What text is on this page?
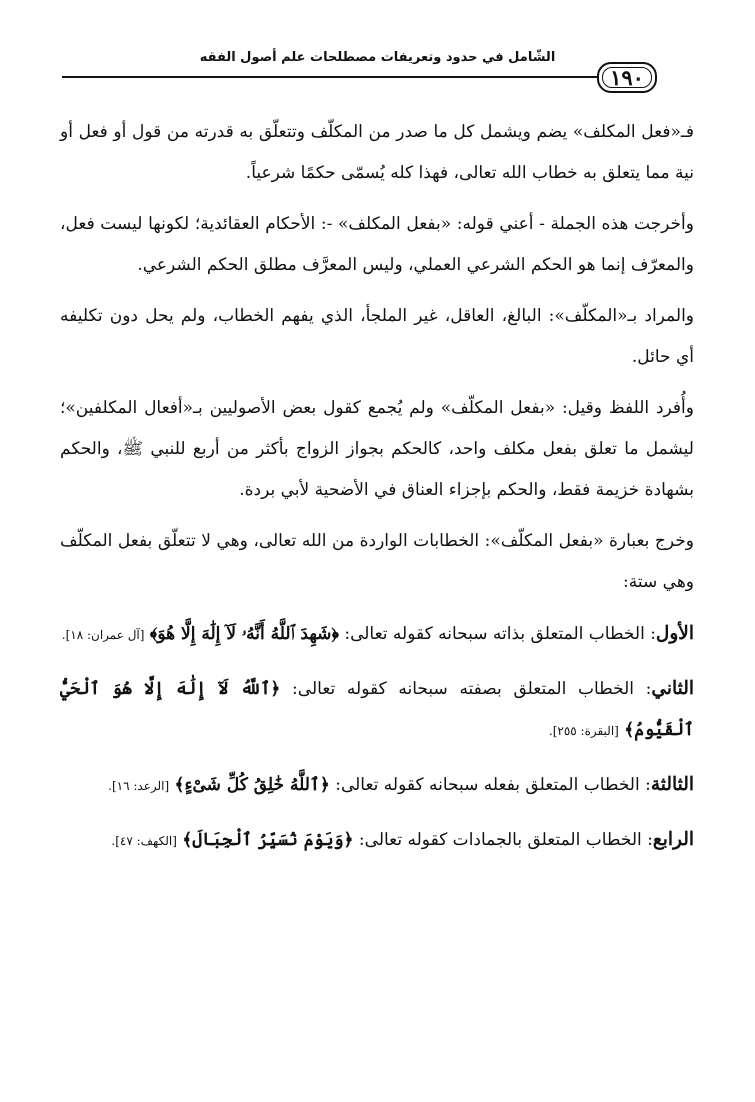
الشّامل في حدود وتعريفات مصطلحات علم أصول الفقه
١٩٠

فـ«فعل المكلف» يضم ويشمل كل ما صدر من المكلّف وتتعلّق به قدرته من قول أو فعل أو نية مما يتعلق به خطاب الله تعالى، فهذا كله يُسمّى حكمًا شرعياً.

وأخرجت هذه الجملة - أعني قوله: «بفعل المكلف» -: الأحكام العقائدية؛ لكونها ليست فعل، والمعرّف إنما هو الحكم الشرعي العملي، وليس المعرَّف مطلق الحكم الشرعي.

والمراد بـ«المكلّف»: البالغ، العاقل، غير الملجأ، الذي يفهم الخطاب، ولم يحل دون تكليفه أي حائل.

وأُفرد اللفظ وقيل: «بفعل المكلّف» ولم يُجمع كقول بعض الأصوليين بـ«أفعال المكلفين»؛ ليشمل ما تعلق بفعل مكلف واحد، كالحكم بجواز الزواج بأكثر من أربع للنبي ﷺ، والحكم بشهادة خزيمة فقط، والحكم بإجزاء العناق في الأضحية لأبي بردة.

وخرج بعبارة «بفعل المكلّف»: الخطابات الواردة من الله تعالى، وهي لا تتعلّق بفعل المكلّف وهي ستة:

الأول: الخطاب المتعلق بذاته سبحانه كقوله تعالى: ﴿شَهِدَ ٱللَّهُ أَنَّهُۥ لَآ إِلَٰهَ إِلَّا هُوَ﴾ [آل عمران: ١٨].

الثاني: الخطاب المتعلق بصفته سبحانه كقوله تعالى: ﴿ٱللَّهُ لَآ إِلَٰهَ إِلَّا هُوَ ٱلْحَيُّ ٱلْقَيُّومُ﴾ [البقرة: ٢٥٥].

الثالثة: الخطاب المتعلق بفعله سبحانه كقوله تعالى: ﴿ٱللَّهُ خَٰلِقُ كُلِّ شَىْءٍ﴾ [الرعد: ١٦].

الرابع: الخطاب المتعلق بالجمادات كقوله تعالى: ﴿وَيَوْمَ نُسَيِّرُ ٱلْجِبَالَ﴾ [الكهف: ٤٧].
